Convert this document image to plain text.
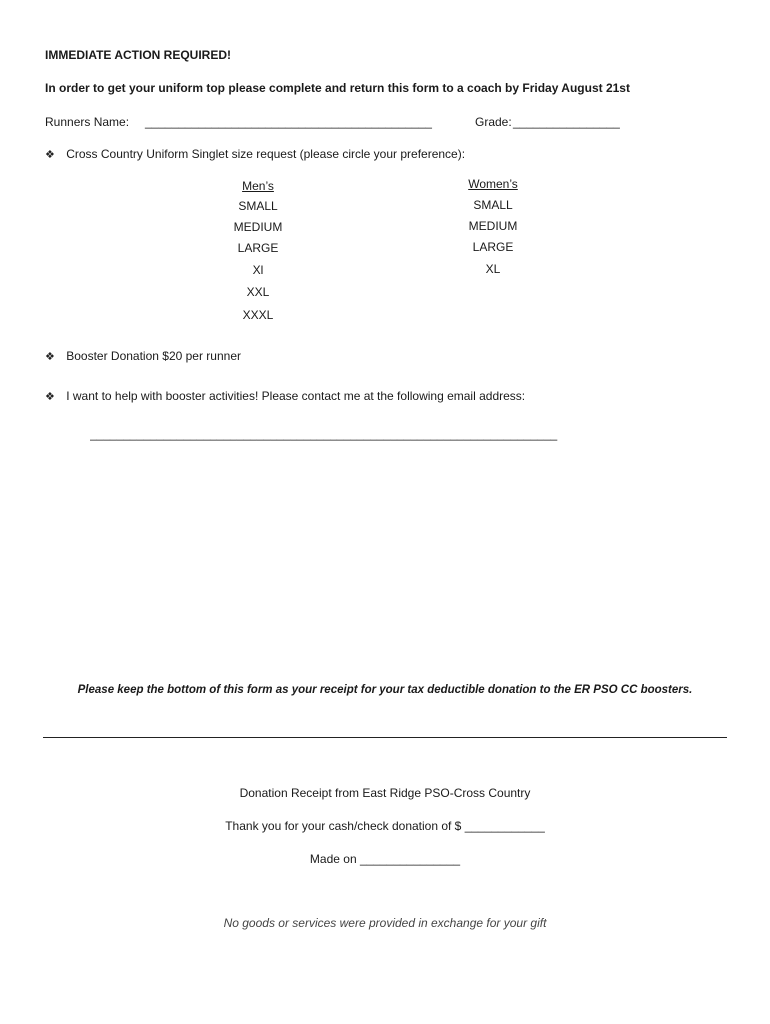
IMMEDIATE ACTION REQUIRED!
In order to get your uniform top please complete and return this form to a coach by Friday August 21st
Runners Name: ___________________________________________	Grade: ________________
❖ Cross Country Uniform Singlet size request (please circle your preference):
Men’s
SMALL
MEDIUM
LARGE
Xl
XXL
XXXL
Women’s
SMALL
MEDIUM
LARGE
XL
❖ Booster Donation $20 per runner
❖ I want to help with booster activities! Please contact me at the following email address:
______________________________________________________________________
Please keep the bottom of this form as your receipt for your tax deductible donation to the ER PSO CC boosters.
Donation Receipt from East Ridge PSO-Cross Country
Thank you for your cash/check donation of $ ____________
Made on _______________
No goods or services were provided in exchange for your gift
